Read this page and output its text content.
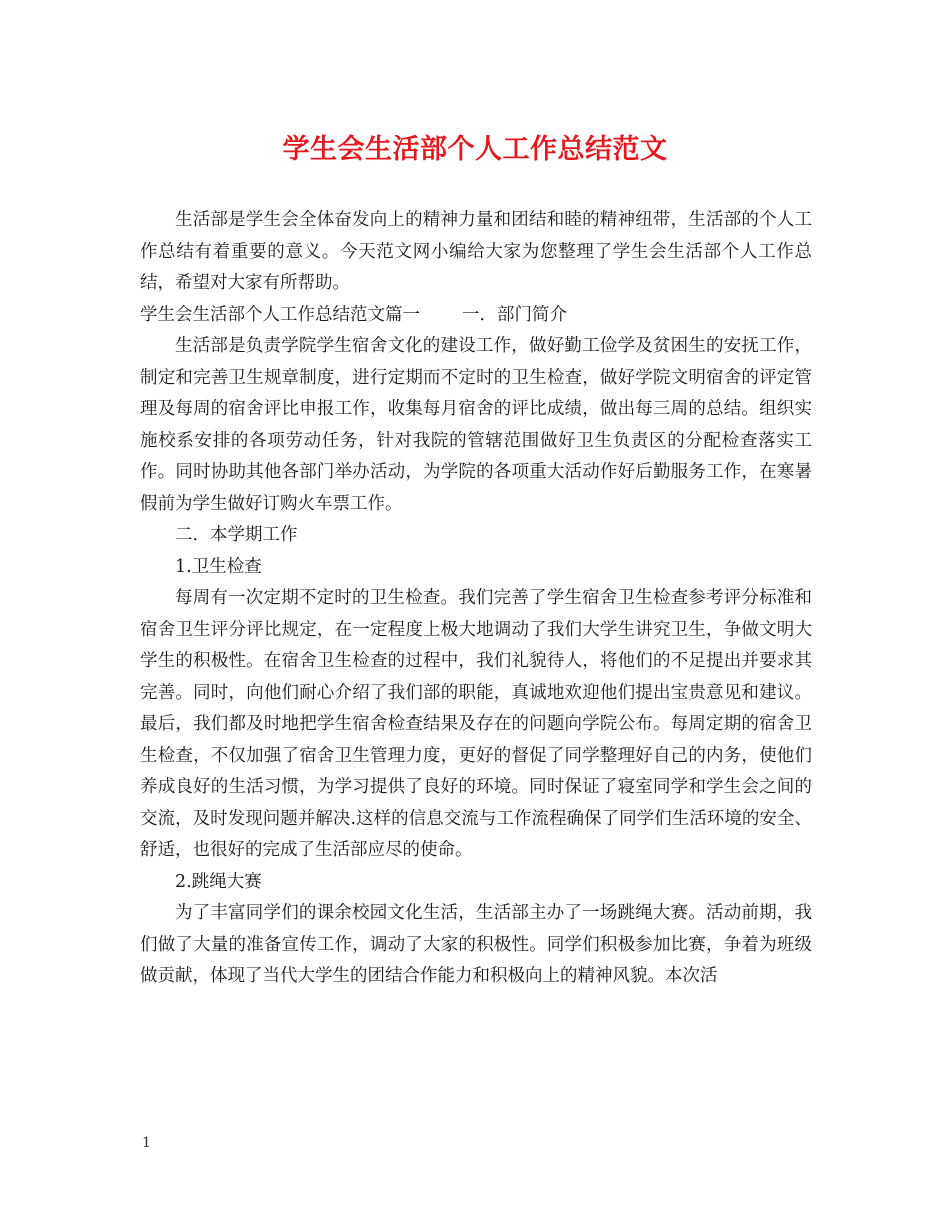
学生会生活部个人工作总结范文

生活部是学生会全体奋发向上的精神力量和团结和睦的精神纽带，生活部的个人工作总结有着重要的意义。今天范文网小编给大家为您整理了学生会生活部个人工作总结，希望对大家有所帮助。

学生会生活部个人工作总结范文篇一 一．部门简介

生活部是负责学院学生宿舍文化的建设工作，做好勤工俭学及贫困生的安抚工作，制定和完善卫生规章制度，进行定期而不定时的卫生检查，做好学院文明宿舍的评定管理及每周的宿舍评比申报工作，收集每月宿舍的评比成绩，做出每三周的总结。组织实施校系安排的各项劳动任务，针对我院的管辖范围做好卫生负责区的分配检查落实工作。同时协助其他各部门举办活动，为学院的各项重大活动作好后勤服务工作，在寒暑假前为学生做好订购火车票工作。

二．本学期工作

1.卫生检查

每周有一次定期不定时的卫生检查。我们完善了学生宿舍卫生检查参考评分标准和宿舍卫生评分评比规定，在一定程度上极大地调动了我们大学生讲究卫生，争做文明大学生的积极性。在宿舍卫生检查的过程中，我们礼貌待人，将他们的不足提出并要求其完善。同时，向他们耐心介绍了我们部的职能，真诚地欢迎他们提出宝贵意见和建议。最后，我们都及时地把学生宿舍检查结果及存在的问题向学院公布。每周定期的宿舍卫生检查，不仅加强了宿舍卫生管理力度，更好的督促了同学整理好自己的内务，使他们养成良好的生活习惯，为学习提供了良好的环境。同时保证了寝室同学和学生会之间的交流，及时发现问题并解决.这样的信息交流与工作流程确保了同学们生活环境的安全、舒适，也很好的完成了生活部应尽的使命。

2.跳绳大赛

为了丰富同学们的课余校园文化生活，生活部主办了一场跳绳大赛。活动前期，我们做了大量的准备宣传工作，调动了大家的积极性。同学们积极参加比赛，争着为班级做贡献，体现了当代大学生的团结合作能力和积极向上的精神风貌。本次活

1
